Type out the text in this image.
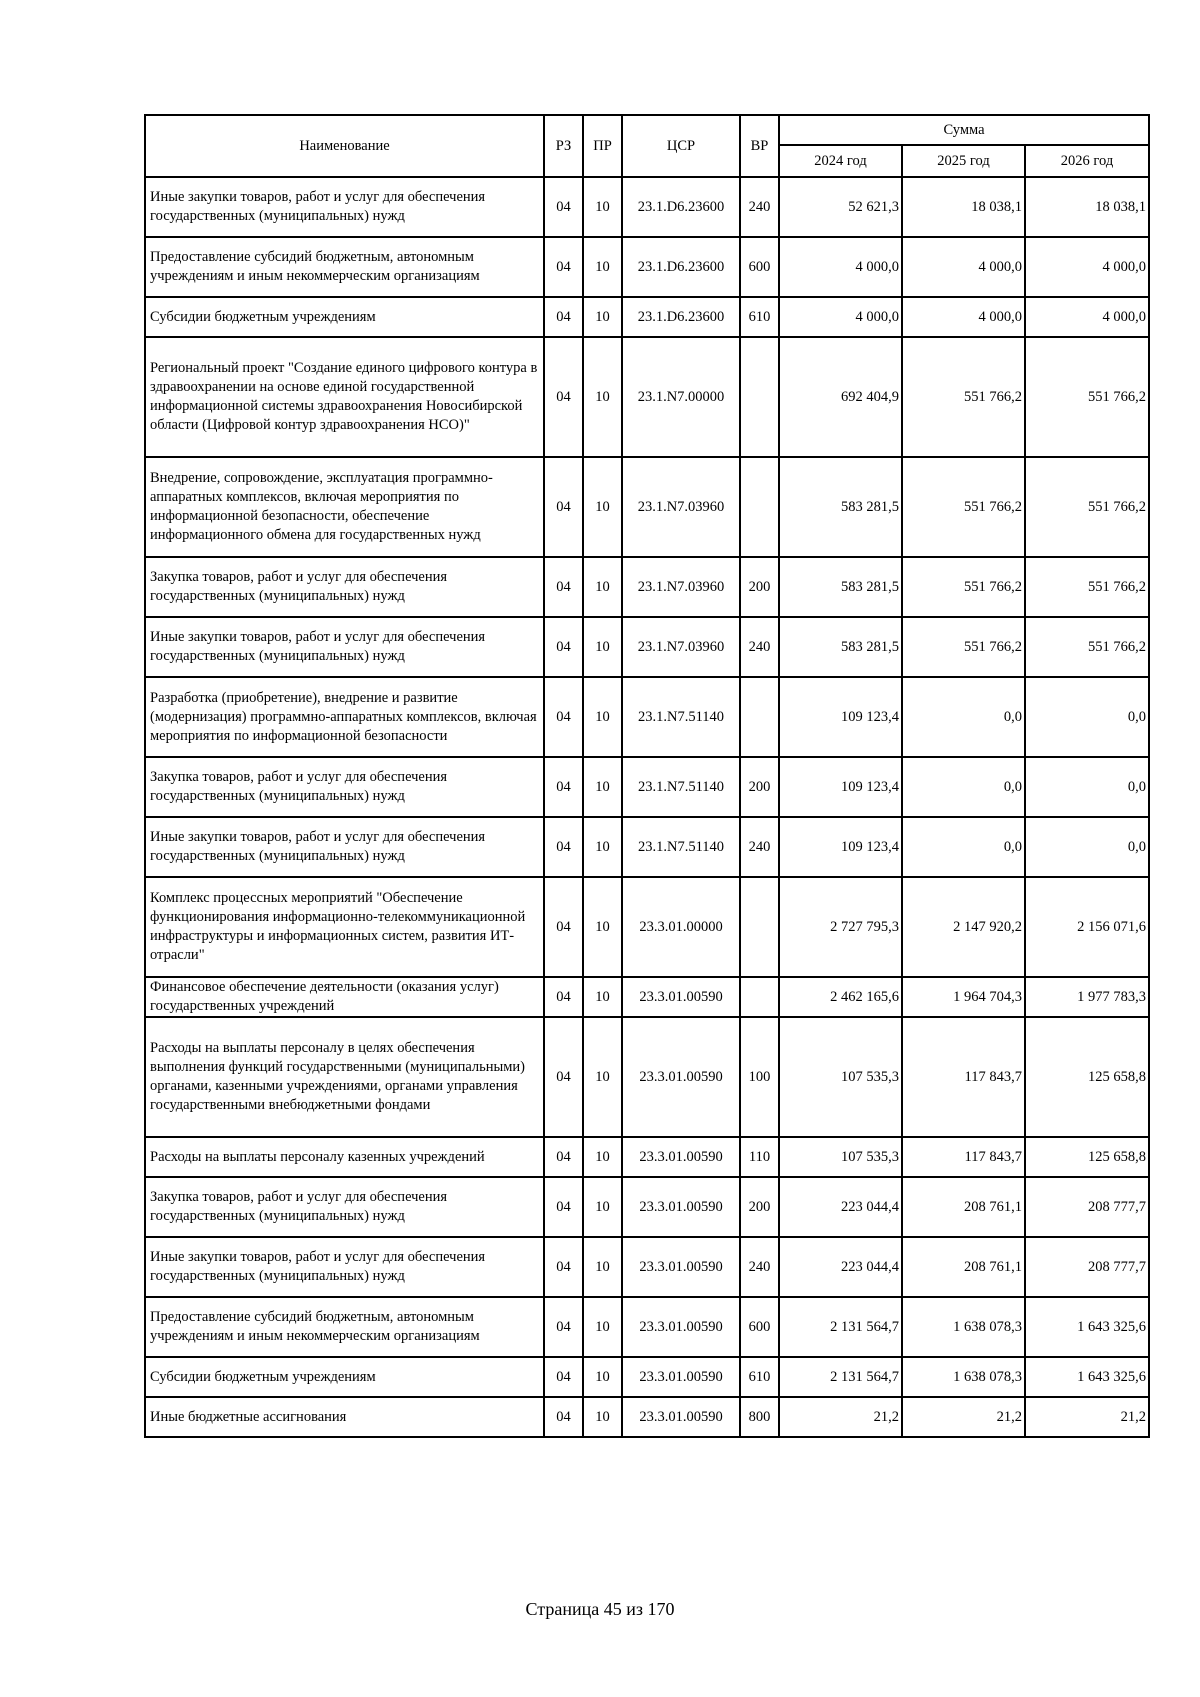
Наименование	РЗ	ПР	ЦСР	ВР	Сумма		
					2024 год	2025 год	2026 год
Иные закупки товаров, работ и услуг для обеспечения государственных (муниципальных) нужд	04	10	23.1.D6.23600	240	52 621,3	18 038,1	18 038,1
Предоставление субсидий бюджетным, автономным учреждениям и иным некоммерческим организациям	04	10	23.1.D6.23600	600	4 000,0	4 000,0	4 000,0
Субсидии бюджетным учреждениям	04	10	23.1.D6.23600	610	4 000,0	4 000,0	4 000,0
Региональный проект "Создание единого цифрового контура в здравоохранении на основе единой государственной информационной системы здравоохранения Новосибирской области (Цифровой контур здравоохранения НСО)"	04	10	23.1.N7.00000		692 404,9	551 766,2	551 766,2
Внедрение, сопровождение, эксплуатация программно-аппаратных комплексов, включая мероприятия по информационной безопасности, обеспечение информационного обмена для государственных нужд	04	10	23.1.N7.03960		583 281,5	551 766,2	551 766,2
Закупка товаров, работ и услуг для обеспечения государственных (муниципальных) нужд	04	10	23.1.N7.03960	200	583 281,5	551 766,2	551 766,2
Иные закупки товаров, работ и услуг для обеспечения государственных (муниципальных) нужд	04	10	23.1.N7.03960	240	583 281,5	551 766,2	551 766,2
Разработка (приобретение), внедрение и развитие (модернизация) программно-аппаратных комплексов, включая мероприятия по информационной безопасности	04	10	23.1.N7.51140		109 123,4	0,0	0,0
Закупка товаров, работ и услуг для обеспечения государственных (муниципальных) нужд	04	10	23.1.N7.51140	200	109 123,4	0,0	0,0
Иные закупки товаров, работ и услуг для обеспечения государственных (муниципальных) нужд	04	10	23.1.N7.51140	240	109 123,4	0,0	0,0
Комплекс процессных мероприятий "Обеспечение функционирования информационно-телекоммуникационной инфраструктуры и информационных систем, развития ИТ-отрасли"	04	10	23.3.01.00000		2 727 795,3	2 147 920,2	2 156 071,6
Финансовое обеспечение деятельности (оказания услуг) государственных учреждений	04	10	23.3.01.00590		2 462 165,6	1 964 704,3	1 977 783,3
Расходы на выплаты персоналу в целях обеспечения выполнения функций государственными (муниципальными) органами, казенными учреждениями, органами управления государственными внебюджетными фондами	04	10	23.3.01.00590	100	107 535,3	117 843,7	125 658,8
Расходы на выплаты персоналу казенных учреждений	04	10	23.3.01.00590	110	107 535,3	117 843,7	125 658,8
Закупка товаров, работ и услуг для обеспечения государственных (муниципальных) нужд	04	10	23.3.01.00590	200	223 044,4	208 761,1	208 777,7
Иные закупки товаров, работ и услуг для обеспечения государственных (муниципальных) нужд	04	10	23.3.01.00590	240	223 044,4	208 761,1	208 777,7
Предоставление субсидий бюджетным, автономным учреждениям и иным некоммерческим организациям	04	10	23.3.01.00590	600	2 131 564,7	1 638 078,3	1 643 325,6
Субсидии бюджетным учреждениям	04	10	23.3.01.00590	610	2 131 564,7	1 638 078,3	1 643 325,6
Иные бюджетные ассигнования	04	10	23.3.01.00590	800	21,2	21,2	21,2
Страница 45 из 170
